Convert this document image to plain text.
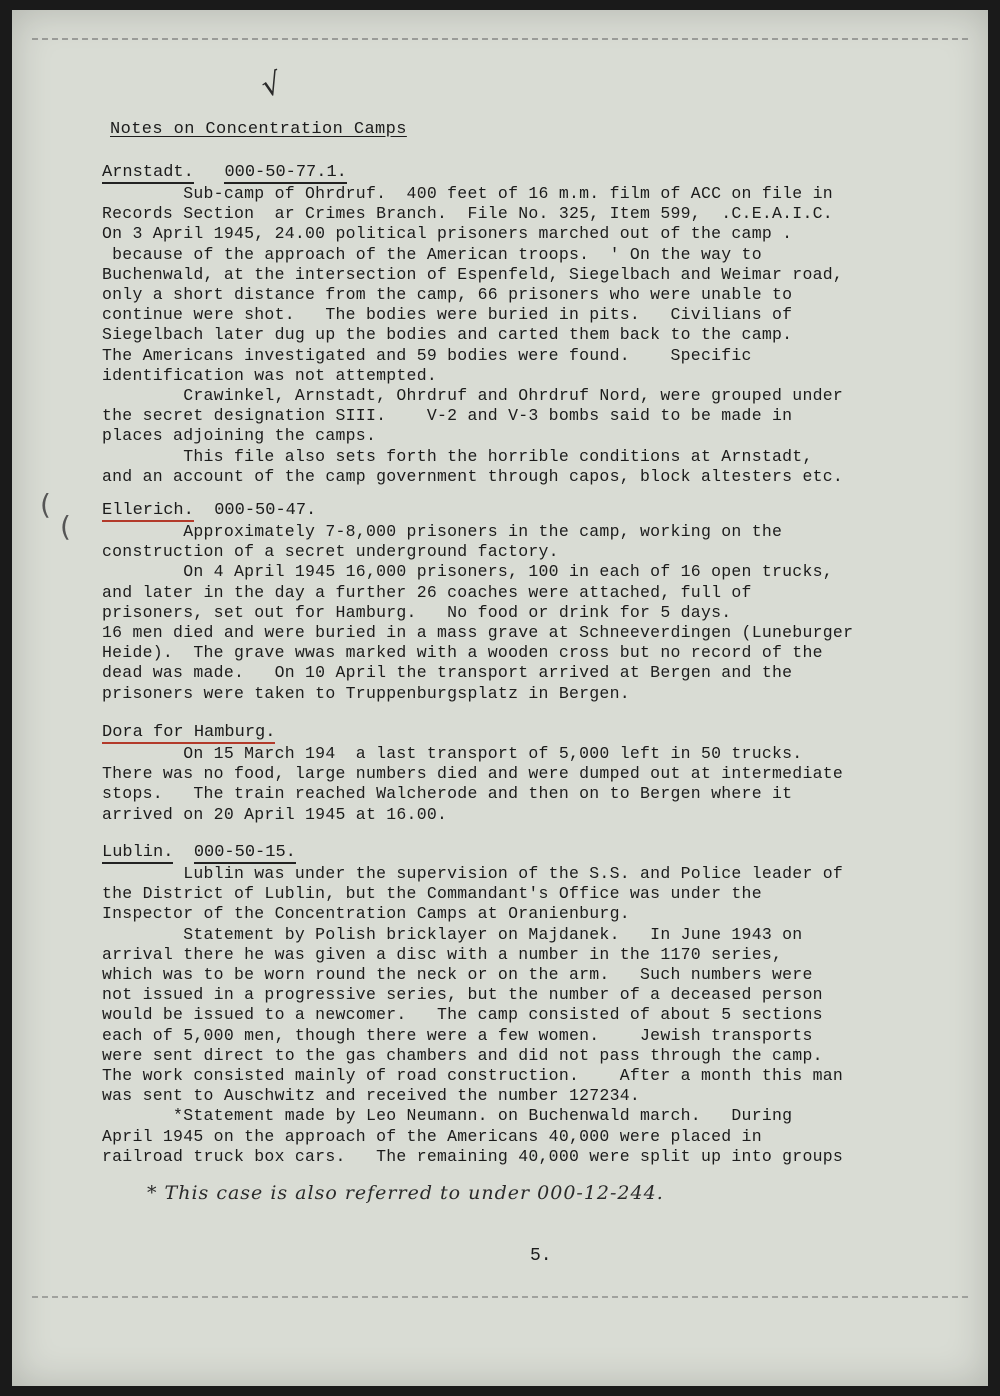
√
Notes on Concentration Camps
Arnstadt. 000-50-77.1.
Sub-camp of Ohrdruf.  400 feet of 16 m.m. film of ACC on file in
Records Section  ar Crimes Branch.  File No. 325, Item 599,  .C.E.A.I.C.
On 3 April 1945, 24.00 political prisoners marched out of the camp .
because of the approach of the American troops.  ' On the way to
Buchenwald, at the intersection of Espenfeld, Siegelbach and Weimar road,
only a short distance from the camp, 66 prisoners who were unable to
continue were shot.   The bodies were buried in pits.   Civilians of
Siegelbach later dug up the bodies and carted them back to the camp.
The Americans investigated and 59 bodies were found.    Specific
identification was not attempted.
Crawinkel, Arnstadt, Ohrdruf and Ohrdruf Nord, were grouped under
the secret designation SIII.    V-2 and V-3 bombs said to be made in
places adjoining the camps.
This file also sets forth the horrible conditions at Arnstadt,
and an account of the camp government through capos, block altesters etc.
Ellerich. 000-50-47.
Approximately 7-8,000 prisoners in the camp, working on the
construction of a secret underground factory.
On 4 April 1945 16,000 prisoners, 100 in each of 16 open trucks,
and later in the day a further 26 coaches were attached, full of
prisoners, set out for Hamburg.   No food or drink for 5 days.
16 men died and were buried in a mass grave at Schneeverdingen (Luneburger
Heide).  The grave wwas marked with a wooden cross but no record of the
dead was made.   On 10 April the transport arrived at Bergen and the
prisoners were taken to Truppenburgsplatz in Bergen.
Dora for Hamburg.
On 15 March 194  a last transport of 5,000 left in 50 trucks.
There was no food, large numbers died and were dumped out at intermediate
stops.   The train reached Walcherode and then on to Bergen where it
arrived on 20 April 1945 at 16.00.
Lublin. 000-50-15.
Lublin was under the supervision of the S.S. and Police leader of
the District of Lublin, but the Commandant's Office was under the
Inspector of the Concentration Camps at Oranienburg.
Statement by Polish bricklayer on Majdanek.   In June 1943 on
arrival there he was given a disc with a number in the 1170 series,
which was to be worn round the neck or on the arm.   Such numbers were
not issued in a progressive series, but the number of a deceased person
would be issued to a newcomer.   The camp consisted of about 5 sections
each of 5,000 men, though there were a few women.    Jewish transports
were sent direct to the gas chambers and did not pass through the camp.
The work consisted mainly of road construction.    After a month this man
was sent to Auschwitz and received the number 127234.
*Statement made by Leo Neumann. on Buchenwald march.   During
April 1945 on the approach of the Americans 40,000 were placed in
railroad truck box cars.   The remaining 40,000 were split up into groups
* This case is also referred to under 000-12-244.
5.
(
(
